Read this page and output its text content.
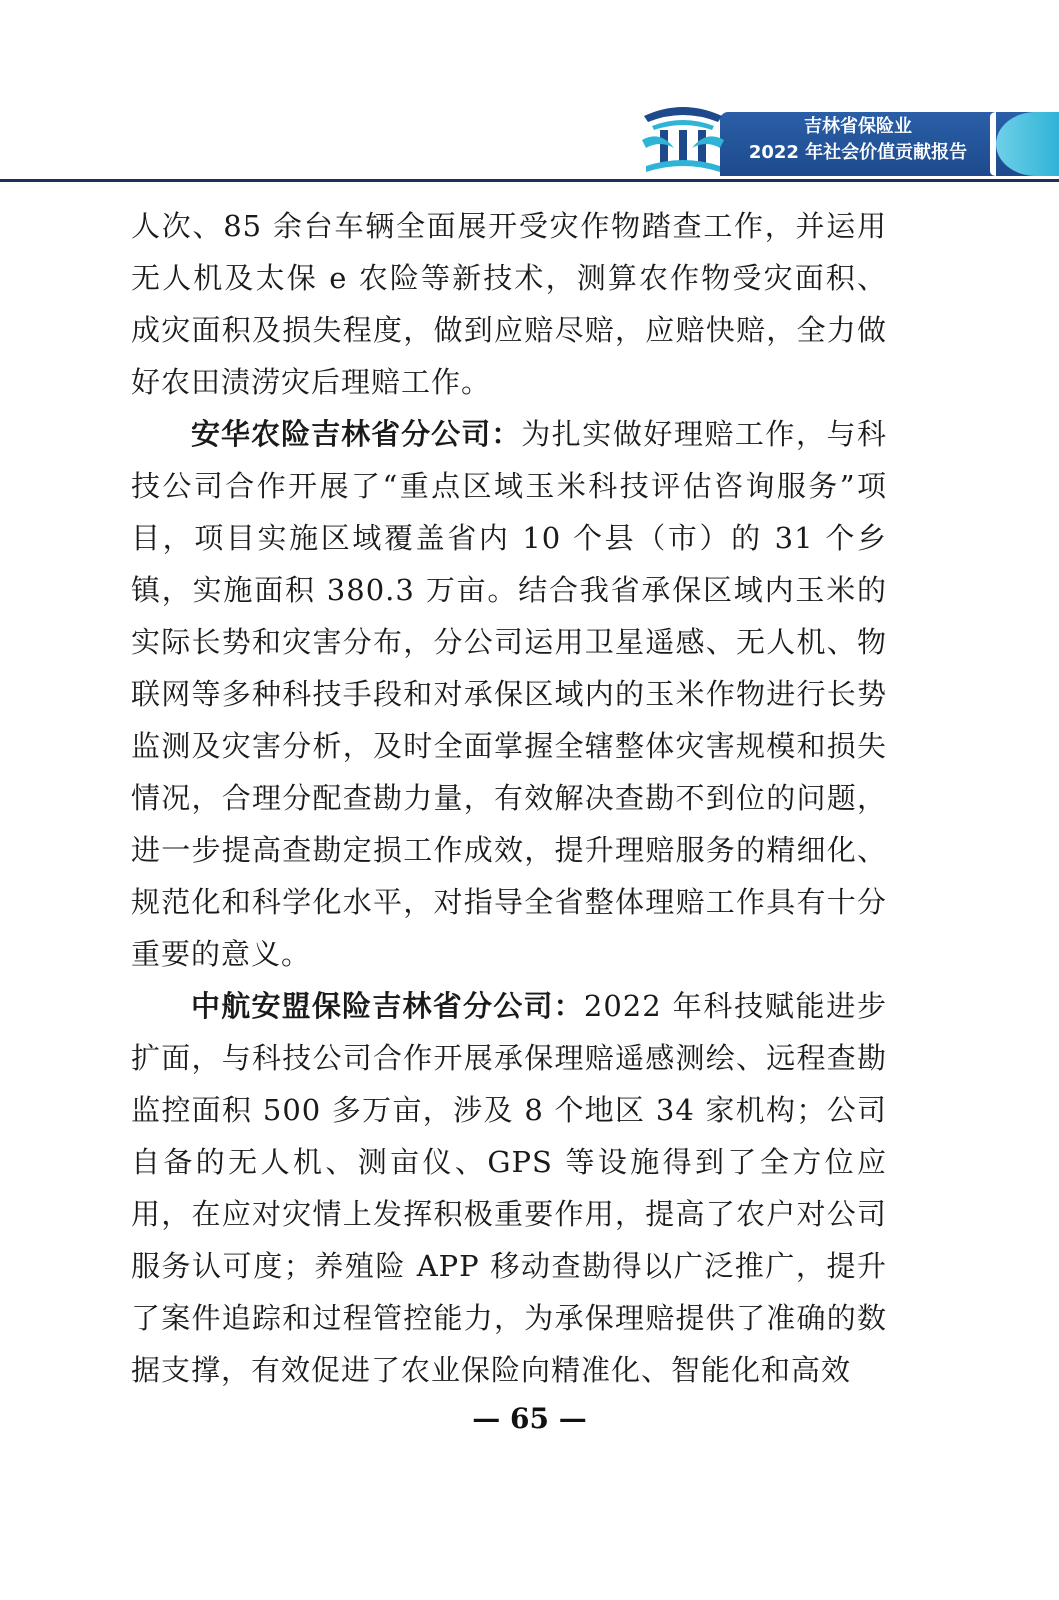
吉林省保险业
2022 年社会价值贡献报告

人次、85 余台车辆全面展开受灾作物踏查工作，并运用无人机及太保 e 农险等新技术，测算农作物受灾面积、成灾面积及损失程度，做到应赔尽赔，应赔快赔，全力做好农田渍涝灾后理赔工作。

安华农险吉林省分公司：为扎实做好理赔工作，与科技公司合作开展了“重点区域玉米科技评估咨询服务”项目，项目实施区域覆盖省内 10 个县（市）的 31 个乡镇，实施面积 380.3 万亩。结合我省承保区域内玉米的实际长势和灾害分布，分公司运用卫星遥感、无人机、物联网等多种科技手段和对承保区域内的玉米作物进行长势监测及灾害分析，及时全面掌握全辖整体灾害规模和损失情况，合理分配查勘力量，有效解决查勘不到位的问题，进一步提高查勘定损工作成效，提升理赔服务的精细化、规范化和科学化水平，对指导全省整体理赔工作具有十分重要的意义。

中航安盟保险吉林省分公司：2022 年科技赋能进步扩面，与科技公司合作开展承保理赔遥感测绘、远程查勘监控面积 500 多万亩，涉及 8 个地区 34 家机构；公司自备的无人机、测亩仪、GPS 等设施得到了全方位应用，在应对灾情上发挥积极重要作用，提高了农户对公司服务认可度；养殖险 APP 移动查勘得以广泛推广，提升了案件追踪和过程管控能力，为承保理赔提供了准确的数据支撑，有效促进了农业保险向精准化、智能化和高效

— 65 —
